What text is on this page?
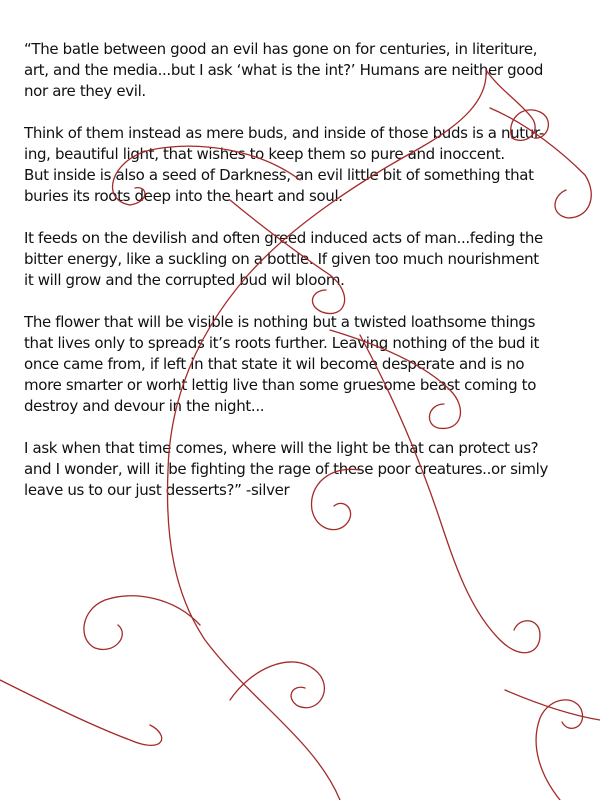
“The batle between good an evil has gone on for centuries, in literiture,
art, and the media...but I ask ‘what is the int?’ Humans are neither good
nor are they evil.

Think of them instead as mere buds, and inside of those buds is a nutur-
ing, beautiful light, that wishes to keep them so pure and inoccent.
But inside is also a seed of Darkness, an evil little bit of something that
buries its roots deep into the heart and soul.

It feeds on the devilish and often greed induced acts of man...feding the
bitter energy, like a suckling on a bottle. If given too much nourishment
it will grow and the corrupted bud wil bloom.

The flower that will be visible is nothing but a twisted loathsome things
that lives only to spreads it’s roots further. Leaving nothing of the bud it
once came from, if left in that state it wil become desperate and is no
more smarter or worht lettig live than some gruesome beast coming to
destroy and devour in the night...

I ask when that time comes, where will the light be that can protect us?
and I wonder, will it be fighting the rage of these poor creatures..or simly
leave us to our just desserts?” -silver
